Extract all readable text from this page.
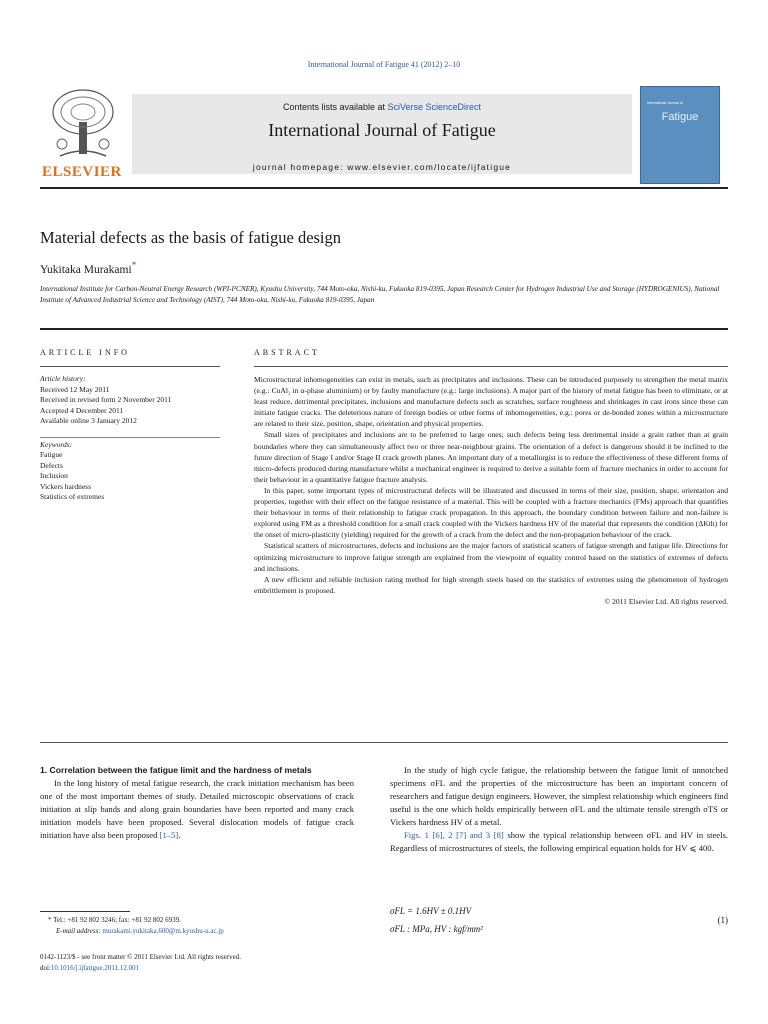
International Journal of Fatigue 41 (2012) 2–10
ELSEVIER
Contents lists available at SciVerse ScienceDirect
International Journal of Fatigue
journal homepage: www.elsevier.com/locate/ijfatigue
International Journal of
Fatigue
Material defects as the basis of fatigue design
Yukitaka Murakami*
International Institute for Carbon-Neutral Energy Research (WPI-I²CNER), Kyushu University, 744 Moto-oka, Nishi-ku, Fukuoka 819-0395, Japan Research Center for Hydrogen Industrial Use and Storage (HYDROGENIUS), National Institute of Advanced Industrial Science and Technology (AIST), 744 Moto-oka, Nishi-ku, Fukuoka 819-0395, Japan
ARTICLE INFO
Article history:
Received 12 May 2011
Received in revised form 2 November 2011
Accepted 4 December 2011
Available online 3 January 2012
Keywords:
Fatigue
Defects
Inclusion
Vickers hardness
Statistics of extremes
ABSTRACT

Microstructural inhomogeneities can exist in metals, such as precipitates and inclusions. These can be introduced purposely to strengthen the metal matrix (e.g.: CuAl₂ in α-phase aluminium) or by faulty manufacture (e.g.: large inclusions). A major part of the history of metal fatigue has been to eliminate, or at least reduce, detrimental precipitates, inclusions and manufacture defects such as scratches, surface roughness and shrinkages in cast irons since these can initiate fatigue cracks. The deleterious nature of foreign bodies or other forms of inhomogeneities, e.g.: pores or de-bonded zones within a microstructure are related to their size, position, shape, orientation and physical properties.

Small sizes of precipitates and inclusions are to be preferred to large ones; such defects being less detrimental inside a grain rather than at grain boundaries where they can simultaneously affect two or three near-neighbour grains. The orientation of a defect is dangerous should it be inclined to the future direction of Stage I and/or Stage II crack growth planes. An important duty of a metallurgist is to reduce the effectiveness of these different forms of micro-defects produced during manufacture whilst a mechanical engineer is required to derive a suitable form of fracture mechanics in order to account for their behaviour in a quantitative fatigue fracture analysis.

In this paper, some important types of microstructural defects will be illustrated and discussed in terms of their size, position, shape, orientation and properties, together with their effect on the fatigue resistance of a material. This will be coupled with a fracture mechanics (FMs) approach that quantifies their behaviour in terms of their relationship to fatigue crack propagation. In this approach, the boundary condition between failure and non-failure is explored using FM as a threshold condition for a small crack coupled with the Vickers hardness HV of the material that represents the condition (ΔKth) for the onset of micro-plasticity (yielding) required for the growth of a crack from the defect and the non-propagation behaviour of the crack.

Statistical scatters of microstructures, defects and inclusions are the major factors of statistical scatters of fatigue strength and fatigue life. Directions for optimizing microstructure to improve fatigue strength are explained from the viewpoint of equality control based on the statistics of extremes of defects and inclusions.

A new efficient and reliable inclusion rating method for high strength steels based on the statistics of extremes using the phenomenon of hydrogen embrittlement is proposed.

© 2011 Elsevier Ltd. All rights reserved.

1. Correlation between the fatigue limit and the hardness of metals

In the long history of metal fatigue research, the crack initiation mechanism has been one of the most important themes of study. Detailed microscopic observations of crack initiation at slip bands and along grain boundaries have been reported and many crack initiation models have been proposed. Several dislocation models of fatigue crack initiation have also been proposed [1–5].

* Tel.: +81 92 802 3246; fax: +81 92 802 6939.
E-mail address: murakami.yukitaka.600@m.kyushu-u.ac.jp
0142-1123/$ - see front matter © 2011 Elsevier Ltd. All rights reserved.
doi:10.1016/j.ijfatigue.2011.12.001

In the study of high cycle fatigue, the relationship between the fatigue limit of unnotched specimens σFL and the properties of the microstructure has been an important concern of researchers and fatigue design engineers. However, the simplest relationship which engineers find useful is the one which holds empirically between σFL and the ultimate tensile strength σTS or Vickers hardness HV of a metal.

Figs. 1 [6], 2 [7] and 3 [8] show the typical relationship between σFL and HV in steels. Regardless of microstructures of steels, the following empirical equation holds for HV ⩽ 400.

σFL = 1.6HV ± 0.1HV
σFL : MPa, HV : kgf/mm²
(1)
